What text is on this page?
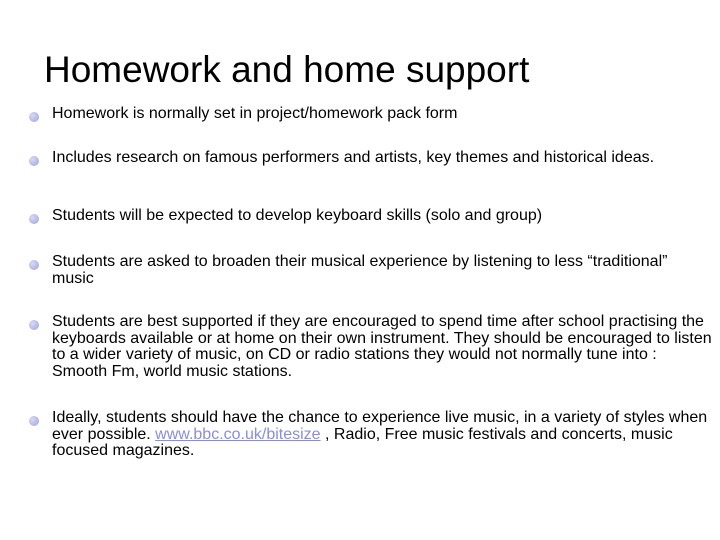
Homework and home support
Homework is normally set in project/homework pack form
Includes research on famous performers and artists, key themes and historical ideas.
Students will be expected to develop keyboard skills (solo and group)
Students are asked to broaden their musical experience by listening to less “traditional” music
Students are best supported if they are encouraged to spend time after school practising the keyboards available or at home on their own instrument. They should be encouraged to listen to a wider variety of music, on CD or radio stations they would not normally tune into : Smooth Fm, world music stations.
Ideally, students should have the chance to experience live music, in a variety of styles when ever possible. www.bbc.co.uk/bitesize , Radio, Free music festivals and concerts, music focused magazines.
